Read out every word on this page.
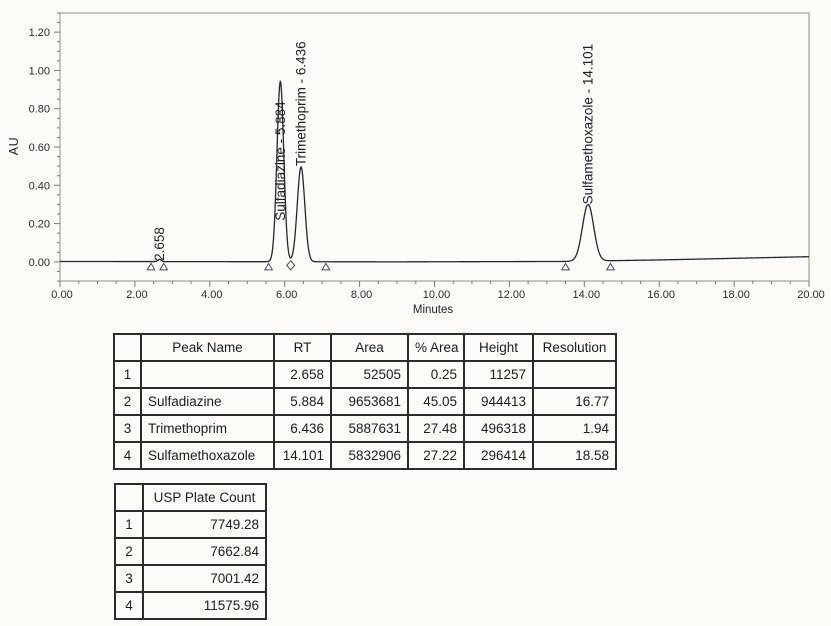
0.00
0.20
0.40
0.60
0.80
1.00
1.20
0.00	2.00	4.00	6.00	8.00	10.00	12.00	14.00	16.00	18.00	20.00
2.658
Sulfadiazine - 5.884 Trimethoprim - 6.436	Sulfamethoxazole - 14.101
AU
Minutes
	Peak Name	RT	Area	% Area	Height	Resolution
1		2.658	52505	0.25	11257	
2	Sulfadiazine	5.884	9653681	45.05	944413	16.77
3	Trimethoprim	6.436	5887631	27.48	496318	1.94
4	Sulfamethoxazole	14.101	5832906	27.22	296414	18.58
	USP Plate Count
1	7749.28
2	7662.84
3	7001.42
4	11575.96
